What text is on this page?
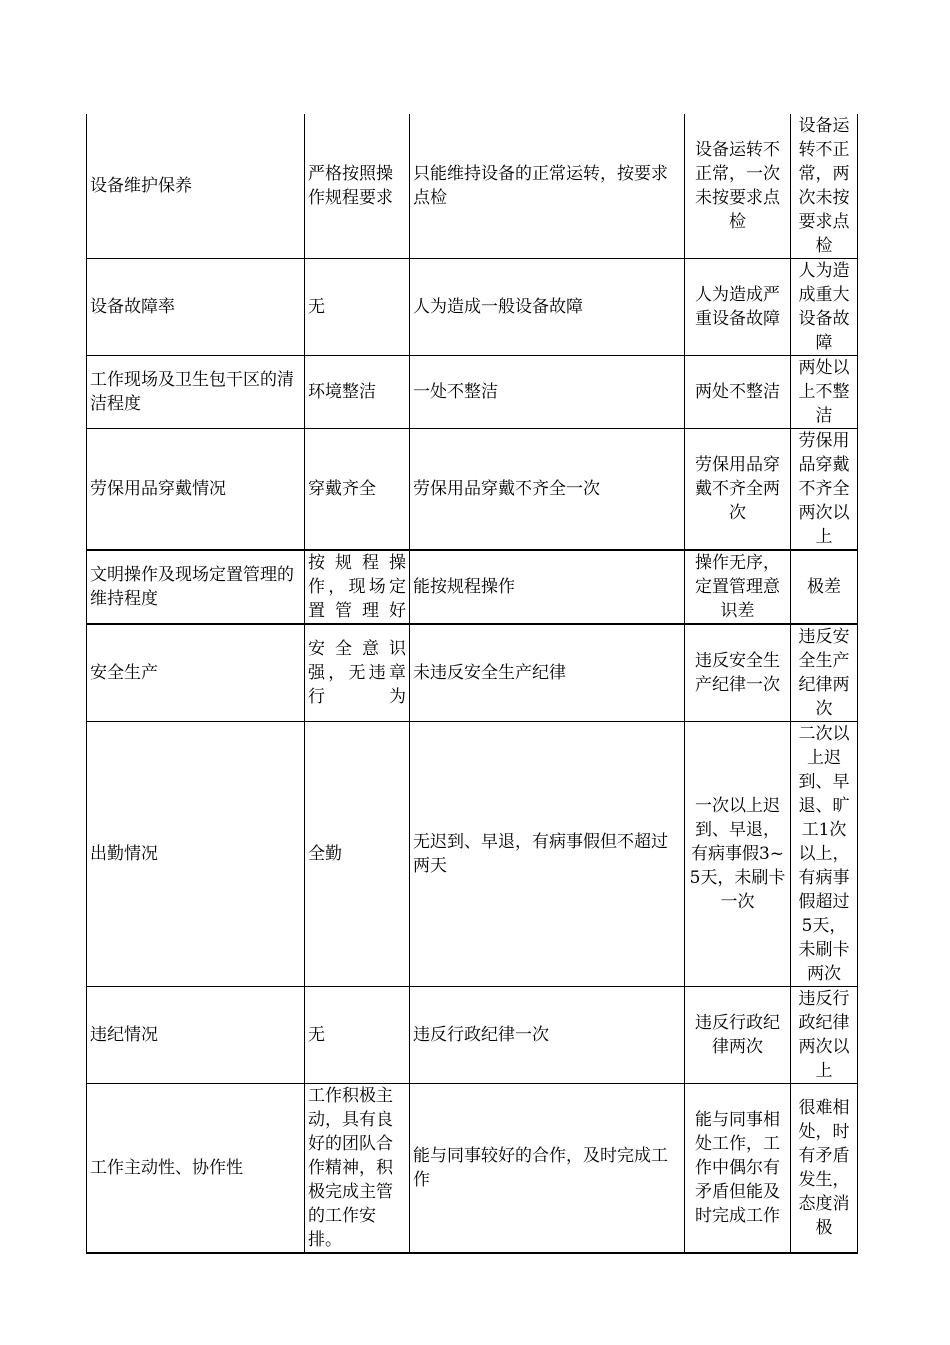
设备维护保养	严格按照操作规程要求	只能维持设备的正常运转，按要求点检	设备运转不正常，一次未按要求点检	设备运转不正常，两次未按要求点检
设备故障率	无	人为造成一般设备故障	人为造成严重设备故障	人为造成重大设备故障
工作现场及卫生包干区的清洁程度	环境整洁	一处不整洁	两处不整洁	两处以上不整洁
劳保用品穿戴情况	穿戴齐全	劳保用品穿戴不齐全一次	劳保用品穿戴不齐全两次	劳保用品穿戴不齐全两次以上
文明操作及现场定置管理的维持程度	按规程操作，现场定置管理好	能按规程操作	操作无序，定置管理意识差	极差
安全生产	安全意识强，无违章行为	未违反安全生产纪律	违反安全生产纪律一次	违反安全生产纪律两次
出勤情况	全勤	无迟到、早退，有病事假但不超过两天	一次以上迟到、早退，有病事假3~5天，未刷卡一次	二次以上迟到、早退、旷工1次以上，有病事假超过5天，未刷卡两次
违纪情况	无	违反行政纪律一次	违反行政纪律两次	违反行政纪律两次以上
工作主动性、协作性	工作积极主动，具有良好的团队合作精神，积极完成主管的工作安排。	能与同事较好的合作，及时完成工作	能与同事相处工作，工作中偶尔有矛盾但能及时完成工作	很难相处，时有矛盾发生，态度消极
